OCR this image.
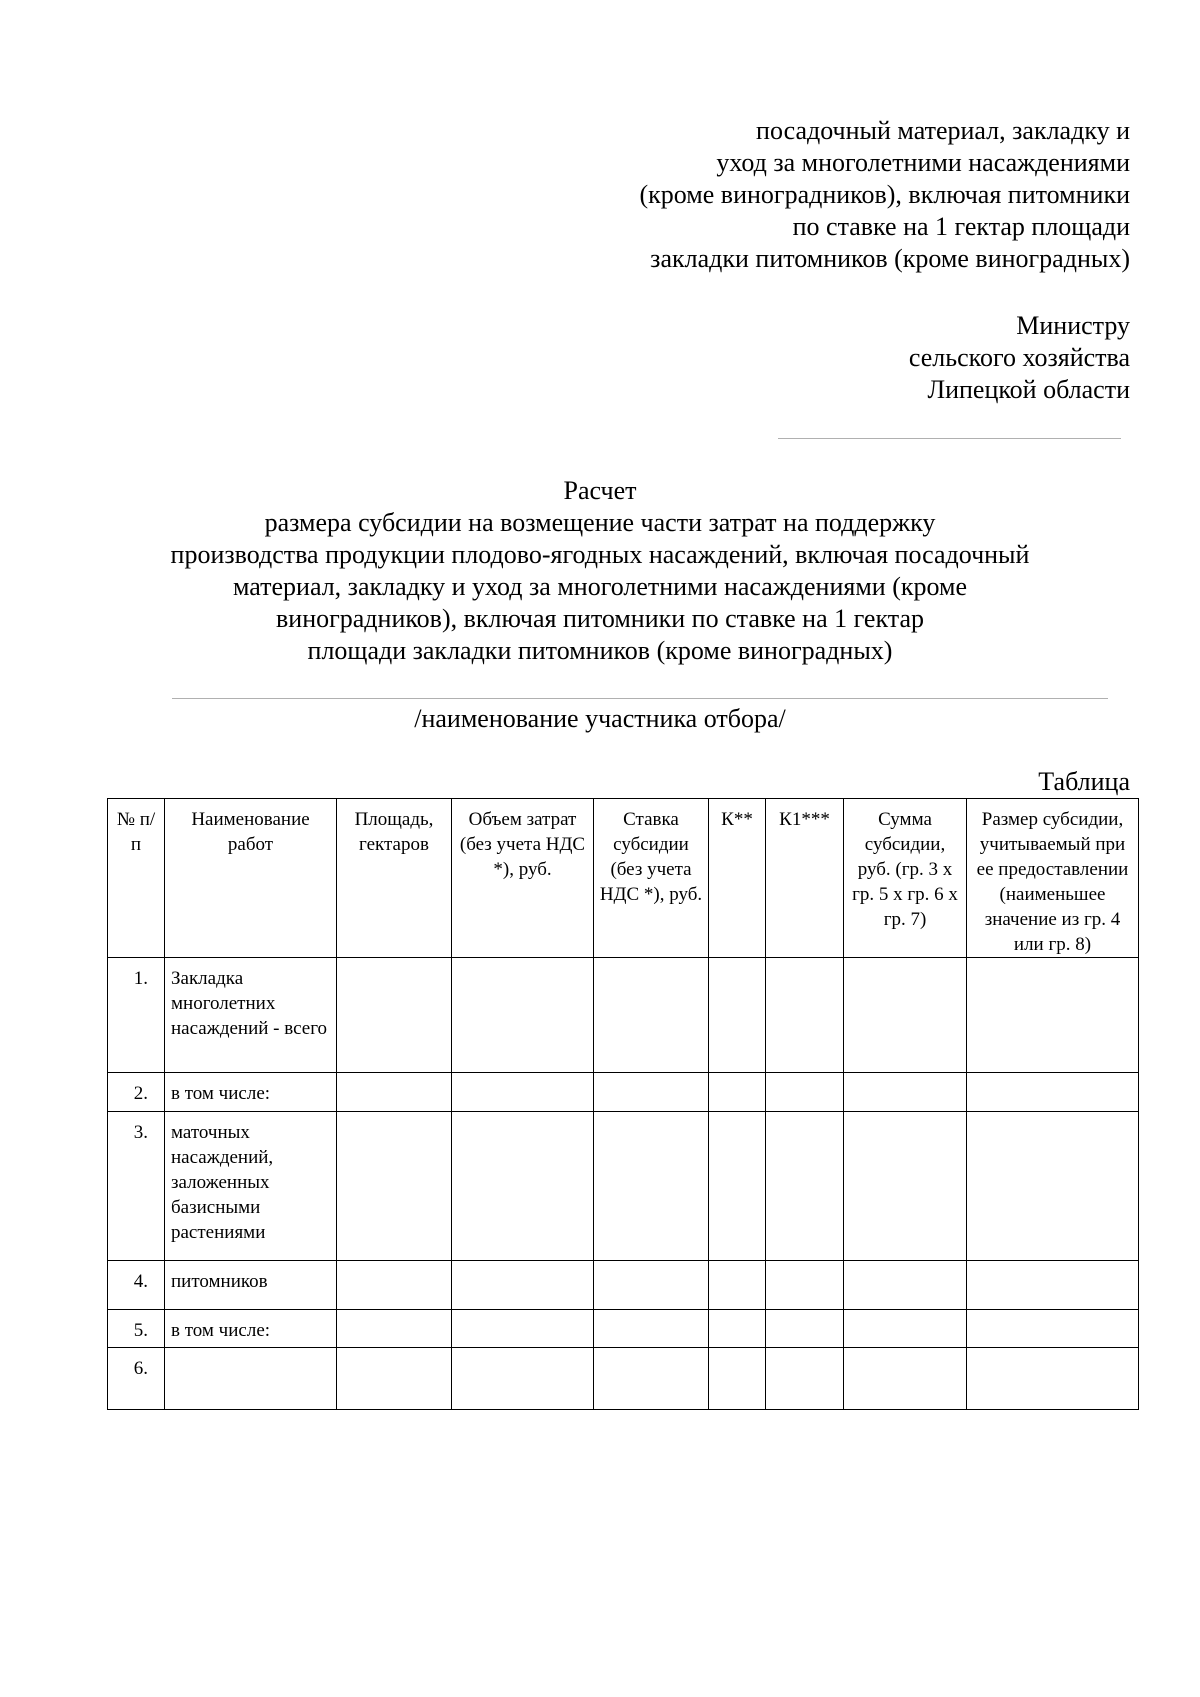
посадочный материал, закладку и
уход за многолетними насаждениями
(кроме виноградников), включая питомники
по ставке на 1 гектар площади
закладки питомников (кроме виноградных)
Министру
сельского хозяйства
Липецкой области
Расчет
размера субсидии на возмещение части затрат на поддержку
производства продукции плодово-ягодных насаждений, включая посадочный
материал, закладку и уход за многолетними насаждениями (кроме
виноградников), включая питомники по ставке на 1 гектар
площади закладки питомников (кроме виноградных)
/наименование участника отбора/
Таблица
№ п/п	Наименование работ	Площадь, гектаров	Объем затрат (без учета НДС *), руб.	Ставка субсидии (без учета НДС *), руб.	К**	К1***	Сумма субсидии, руб. (гр. 3 x гр. 5 x гр. 6 x гр. 7)	Размер субсидии, учитываемый при ее предоставлении (наименьшее значение из гр. 4 или гр. 8)
1.	Закладка многолетних насаждений - всего							
2.	в том числе:							
3.	маточных насаждений, заложенных базисными растениями							
4.	питомников							
5.	в том числе:							
6.								
